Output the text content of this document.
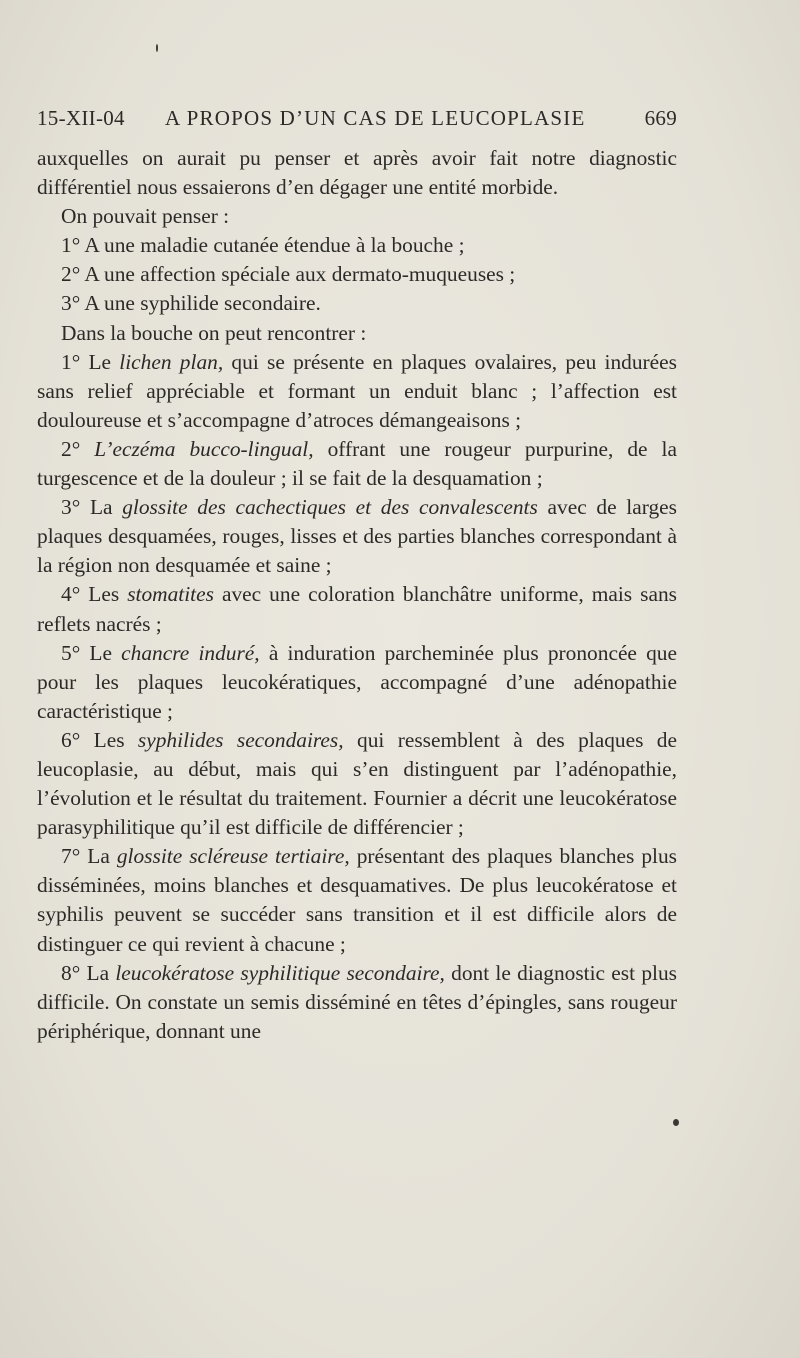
15-XII-04 A PROPOS D’UN CAS DE LEUCOPLASIE	669

auxquelles on aurait pu penser et après avoir fait notre diagnostic différentiel nous essaierons d’en dégager une entité morbide.

On pouvait penser :

1° A une maladie cutanée étendue à la bouche ;

2° A une affection spéciale aux dermato-muqueuses ;

3° A une syphilide secondaire.

Dans la bouche on peut rencontrer :

1° Le lichen plan, qui se présente en plaques ovalaires, peu indurées sans relief appréciable et formant un enduit blanc ; l’affection est douloureuse et s’accompagne d’atroces démangeaisons ;

2° L’eczéma bucco-lingual, offrant une rougeur purpurine, de la turgescence et de la douleur ; il se fait de la desquamation ;

3° La glossite des cachectiques et des convalescents avec de larges plaques desquamées, rouges, lisses et des parties blanches correspondant à la région non desquamée et saine ;

4° Les stomatites avec une coloration blanchâtre uniforme, mais sans reflets nacrés ;

5° Le chancre induré, à induration parcheminée plus prononcée que pour les plaques leucokératiques, accompagné d’une adénopathie caractéristique ;

6° Les syphilides secondaires, qui ressemblent à des plaques de leucoplasie, au début, mais qui s’en distinguent par l’adénopathie, l’évolution et le résultat du traitement. Fournier a décrit une leucokératose parasyphilitique qu’il est difficile de différencier ;

7° La glossite scléreuse tertiaire, présentant des plaques blanches plus disséminées, moins blanches et desquamatives. De plus leucokératose et syphilis peuvent se succéder sans transition et il est difficile alors de distinguer ce qui revient à chacune ;

8° La leucokératose syphilitique secondaire, dont le diagnostic est plus difficile. On constate un semis disséminé en têtes d’épingles, sans rougeur périphérique, donnant une
